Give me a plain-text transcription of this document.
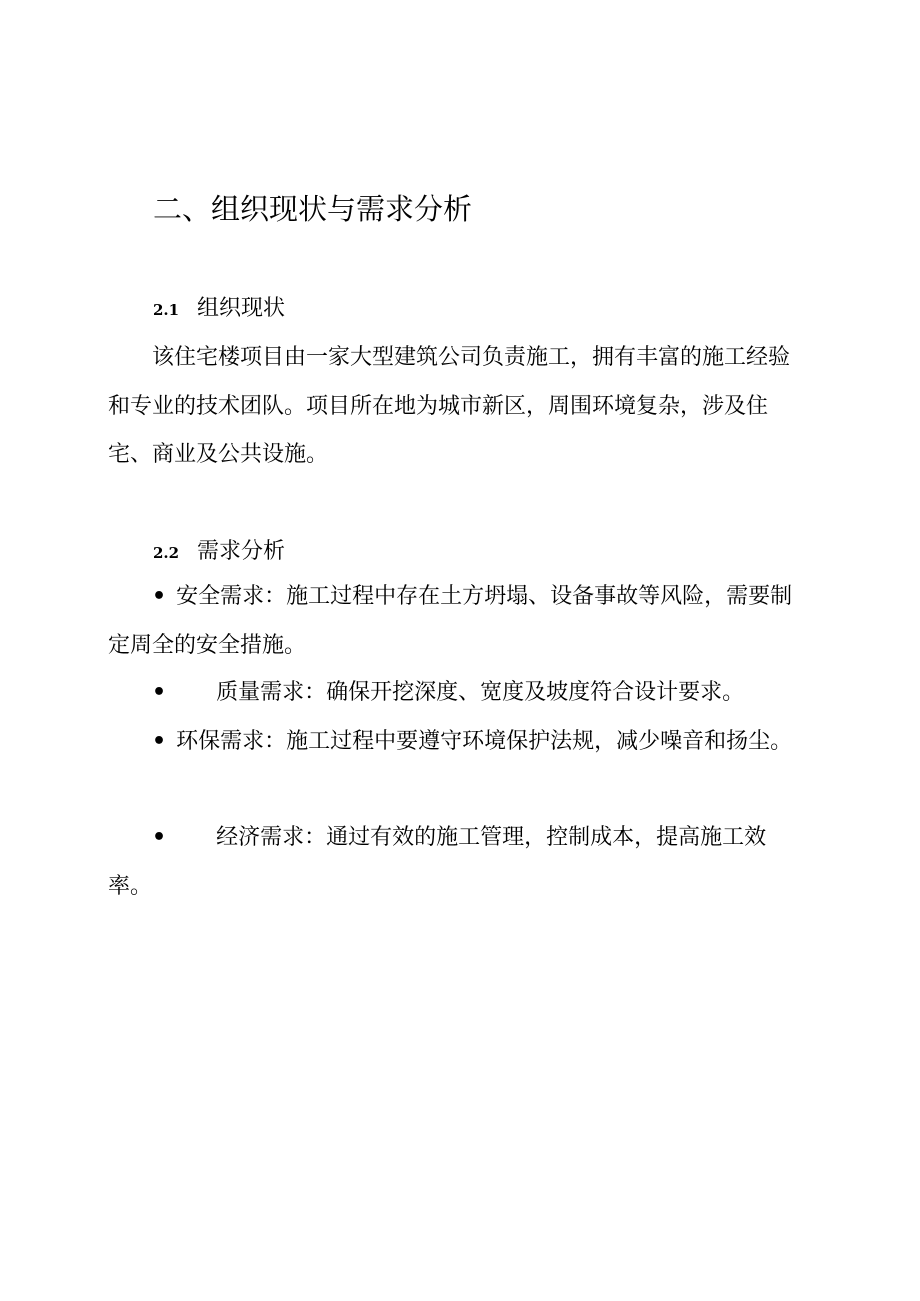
二、组织现状与需求分析
2.1 组织现状

该住宅楼项目由一家大型建筑公司负责施工，拥有丰富的施工经验和专业的技术团队。项目所在地为城市新区，周围环境复杂，涉及住宅、商业及公共设施。

2.2 需求分析

• 安全需求：施工过程中存在土方坍塌、设备事故等风险，需要制定周全的安全措施。

• 质量需求：确保开挖深度、宽度及坡度符合设计要求。

• 环保需求：施工过程中要遵守环境保护法规，减少噪音和扬尘。

• 经济需求：通过有效的施工管理，控制成本，提高施工效率。
